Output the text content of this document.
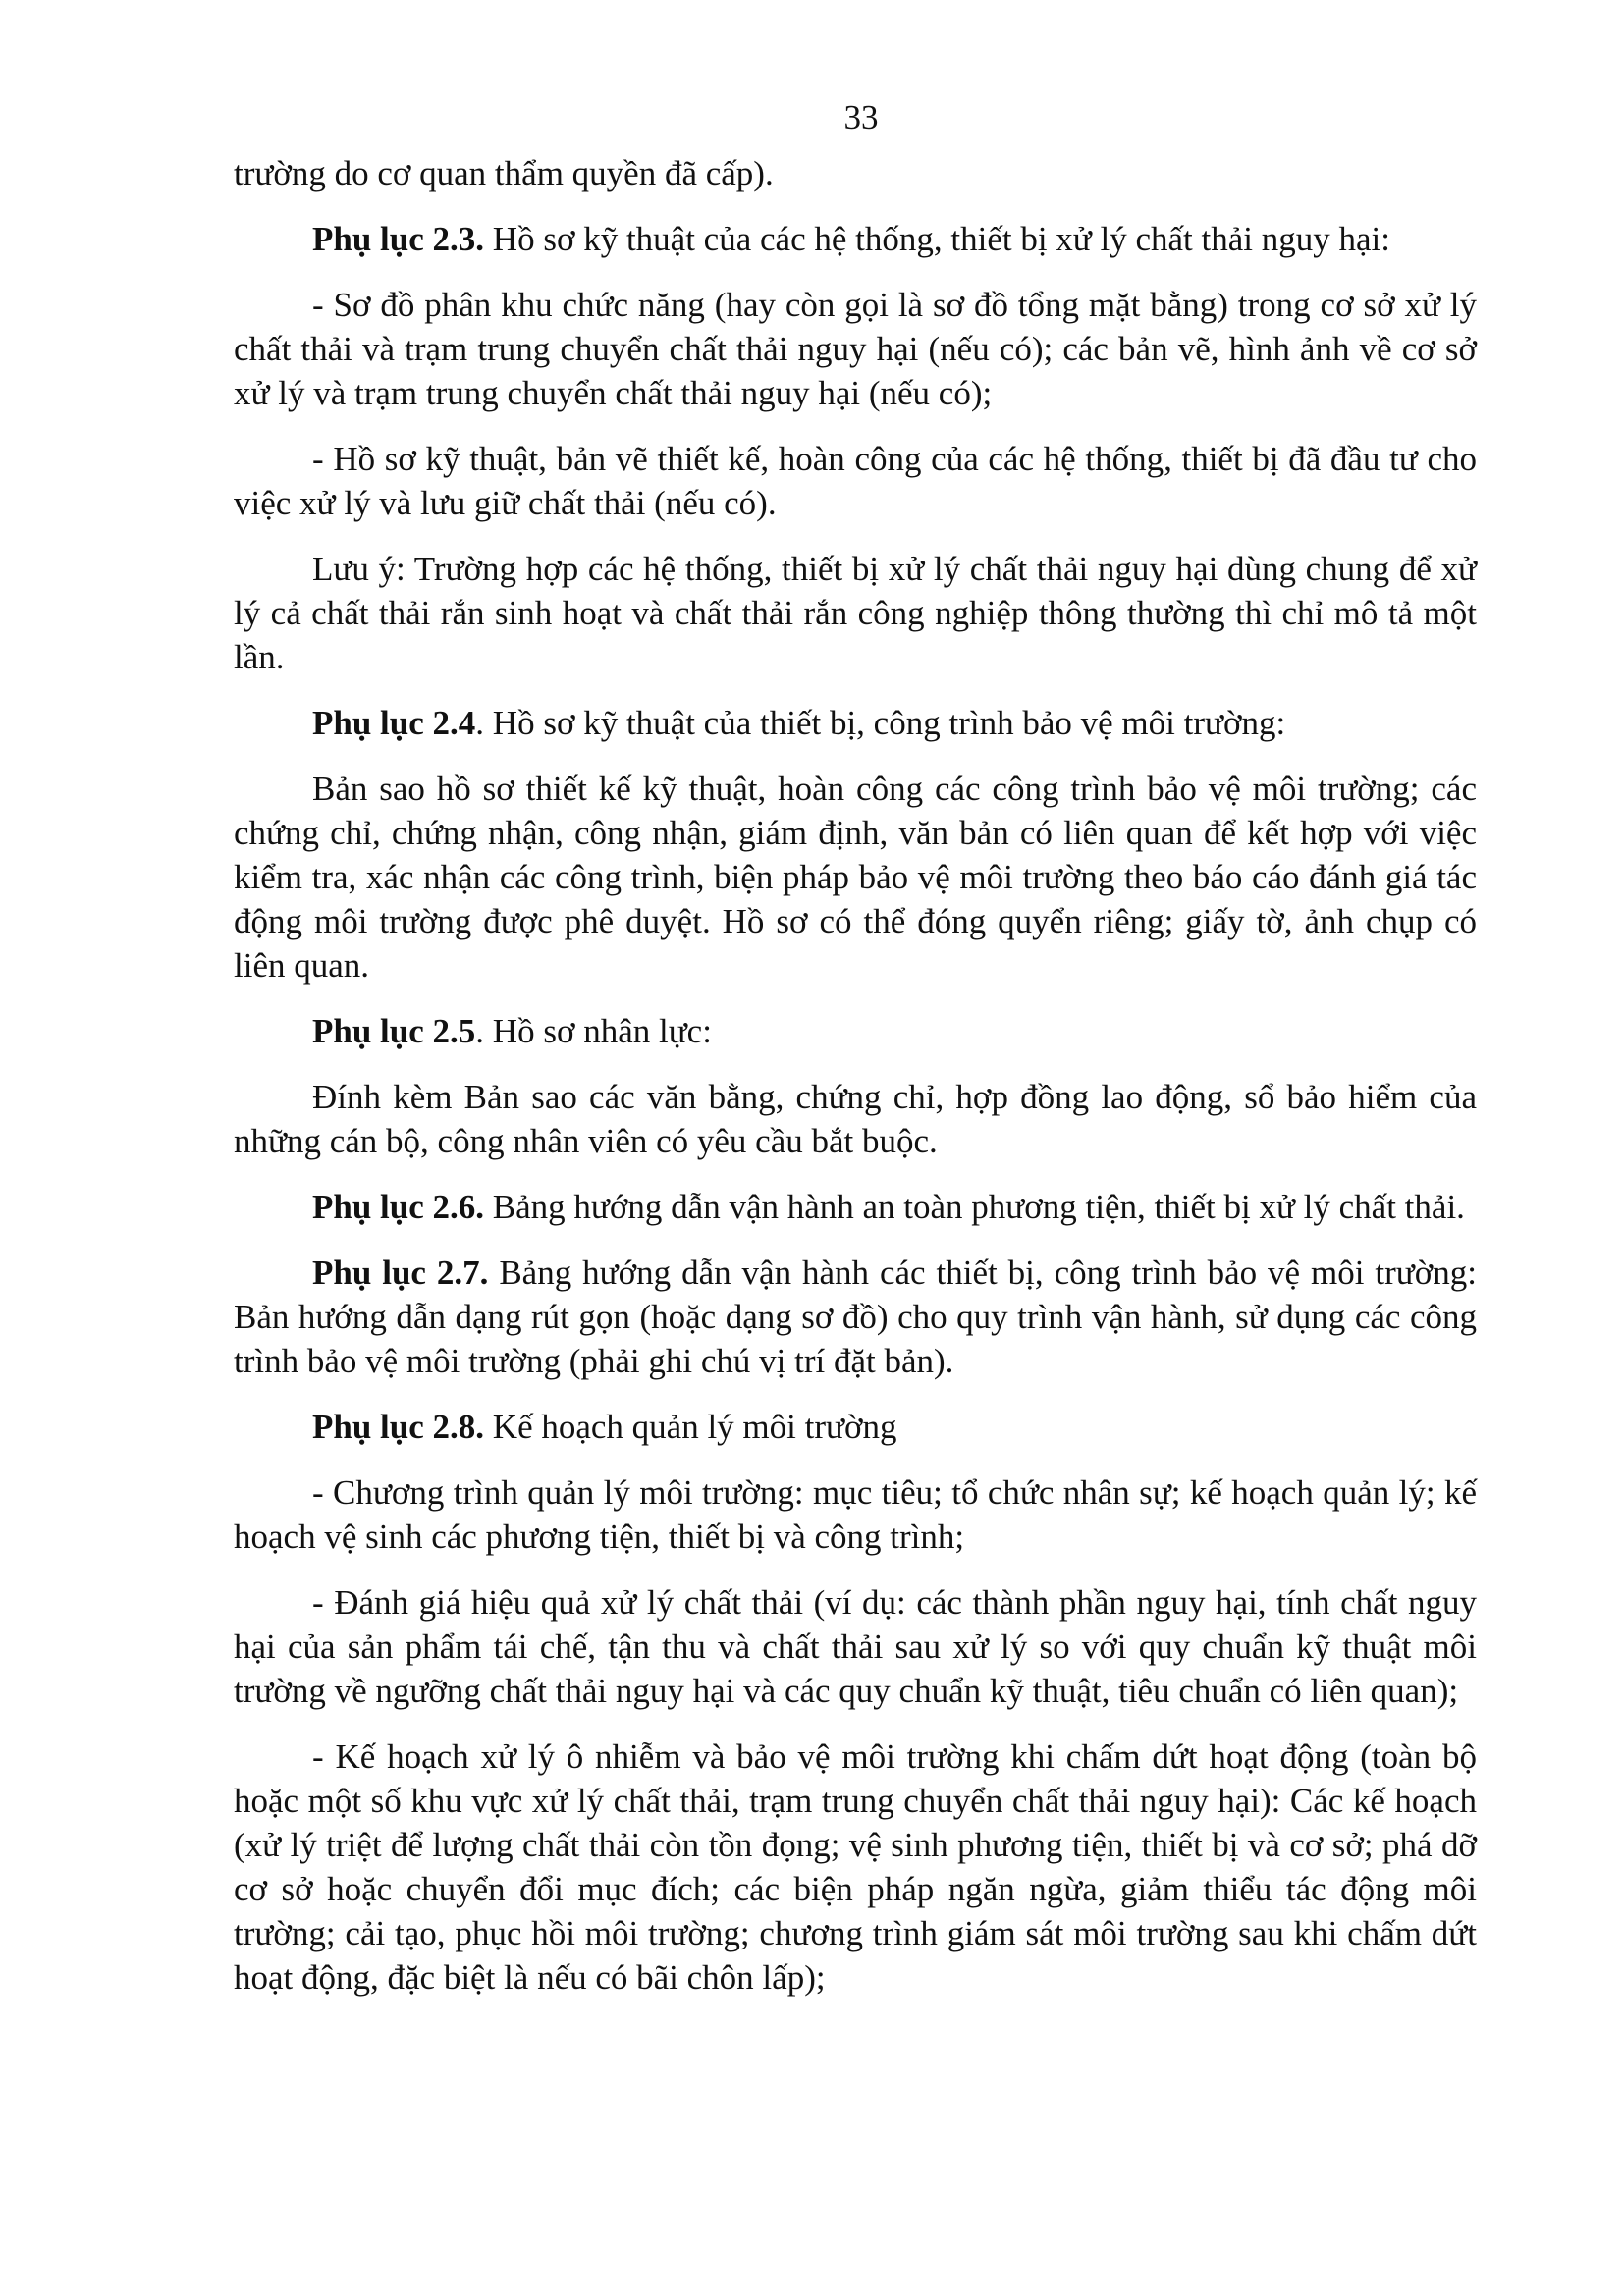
33

trường do cơ quan thẩm quyền đã cấp).

Phụ lục 2.3. Hồ sơ kỹ thuật của các hệ thống, thiết bị xử lý chất thải nguy hại:

- Sơ đồ phân khu chức năng (hay còn gọi là sơ đồ tổng mặt bằng) trong cơ sở xử lý chất thải và trạm trung chuyển chất thải nguy hại (nếu có); các bản vẽ, hình ảnh về cơ sở xử lý và trạm trung chuyển chất thải nguy hại (nếu có);

- Hồ sơ kỹ thuật, bản vẽ thiết kế, hoàn công của các hệ thống, thiết bị đã đầu tư cho việc xử lý và lưu giữ chất thải (nếu có).

Lưu ý: Trường hợp các hệ thống, thiết bị xử lý chất thải nguy hại dùng chung để xử lý cả chất thải rắn sinh hoạt và chất thải rắn công nghiệp thông thường thì chỉ mô tả một lần.

Phụ lục 2.4. Hồ sơ kỹ thuật của thiết bị, công trình bảo vệ môi trường:

Bản sao hồ sơ thiết kế kỹ thuật, hoàn công các công trình bảo vệ môi trường; các chứng chỉ, chứng nhận, công nhận, giám định, văn bản có liên quan để kết hợp với việc kiểm tra, xác nhận các công trình, biện pháp bảo vệ môi trường theo báo cáo đánh giá tác động môi trường được phê duyệt. Hồ sơ có thể đóng quyển riêng; giấy tờ, ảnh chụp có liên quan.

Phụ lục 2.5. Hồ sơ nhân lực:

Đính kèm Bản sao các văn bằng, chứng chỉ, hợp đồng lao động, sổ bảo hiểm của những cán bộ, công nhân viên có yêu cầu bắt buộc.

Phụ lục 2.6. Bảng hướng dẫn vận hành an toàn phương tiện, thiết bị xử lý chất thải.

Phụ lục 2.7. Bảng hướng dẫn vận hành các thiết bị, công trình bảo vệ môi trường: Bản hướng dẫn dạng rút gọn (hoặc dạng sơ đồ) cho quy trình vận hành, sử dụng các công trình bảo vệ môi trường (phải ghi chú vị trí đặt bản).

Phụ lục 2.8. Kế hoạch quản lý môi trường

- Chương trình quản lý môi trường: mục tiêu; tổ chức nhân sự; kế hoạch quản lý; kế hoạch vệ sinh các phương tiện, thiết bị và công trình;

- Đánh giá hiệu quả xử lý chất thải (ví dụ: các thành phần nguy hại, tính chất nguy hại của sản phẩm tái chế, tận thu và chất thải sau xử lý so với quy chuẩn kỹ thuật môi trường về ngưỡng chất thải nguy hại và các quy chuẩn kỹ thuật, tiêu chuẩn có liên quan);

- Kế hoạch xử lý ô nhiễm và bảo vệ môi trường khi chấm dứt hoạt động (toàn bộ hoặc một số khu vực xử lý chất thải, trạm trung chuyển chất thải nguy hại): Các kế hoạch (xử lý triệt để lượng chất thải còn tồn đọng; vệ sinh phương tiện, thiết bị và cơ sở; phá dỡ cơ sở hoặc chuyển đổi mục đích; các biện pháp ngăn ngừa, giảm thiểu tác động môi trường; cải tạo, phục hồi môi trường; chương trình giám sát môi trường sau khi chấm dứt hoạt động, đặc biệt là nếu có bãi chôn lấp);
